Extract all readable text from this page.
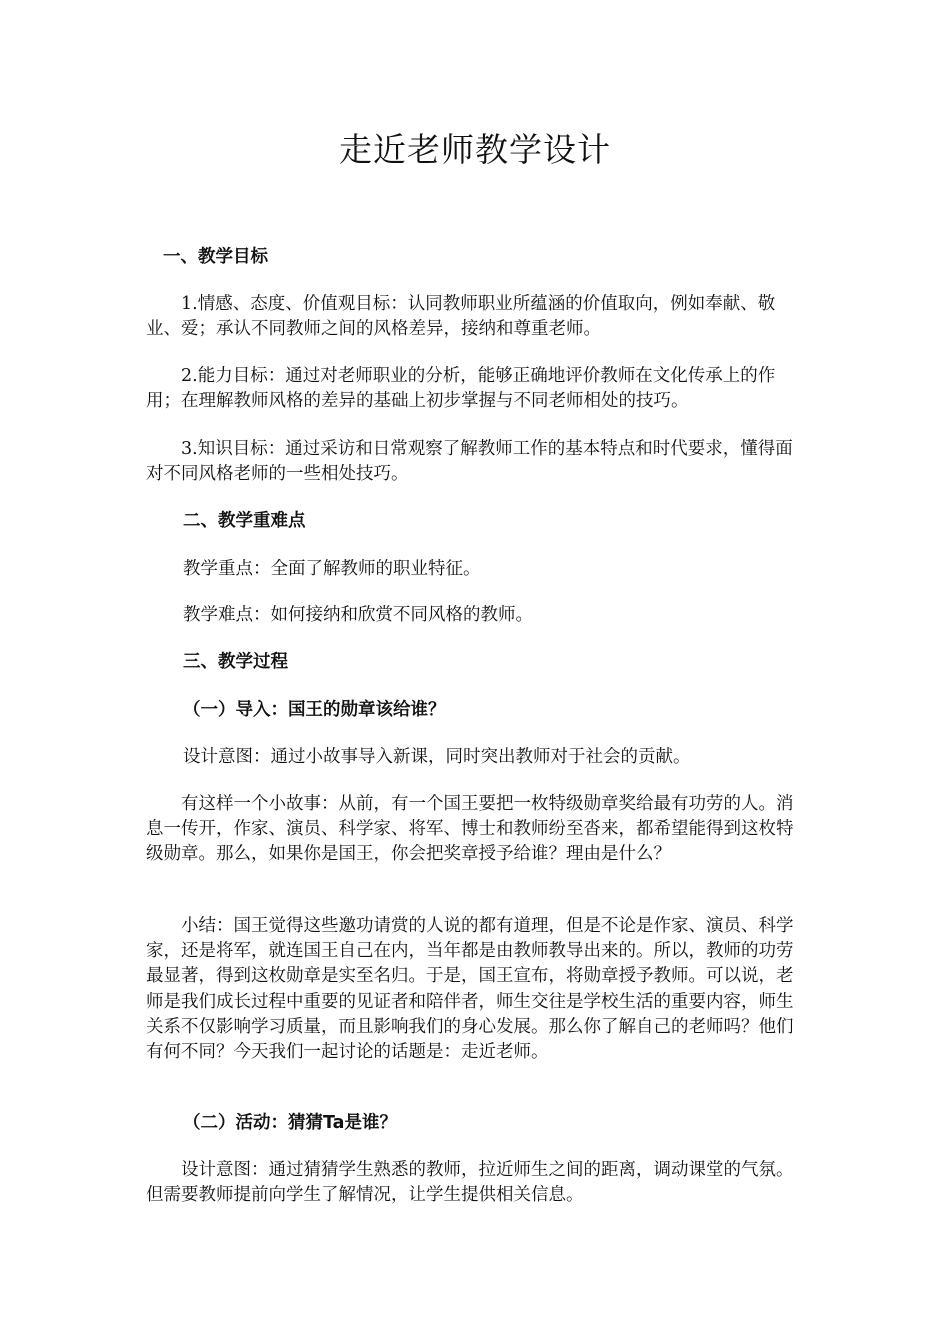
走近老师教学设计
一、教学目标
1.情感、态度、价值观目标：认同教师职业所蕴涵的价值取向，例如奉献、敬业、爱；承认不同教师之间的风格差异，接纳和尊重老师。
2.能力目标：通过对老师职业的分析，能够正确地评价教师在文化传承上的作用；在理解教师风格的差异的基础上初步掌握与不同老师相处的技巧。
3.知识目标：通过采访和日常观察了解教师工作的基本特点和时代要求，懂得面对不同风格老师的一些相处技巧。
二、教学重难点
教学重点：全面了解教师的职业特征。
教学难点：如何接纳和欣赏不同风格的教师。
三、教学过程
（一）导入：国王的勋章该给谁？
设计意图：通过小故事导入新课，同时突出教师对于社会的贡献。
有这样一个小故事：从前，有一个国王要把一枚特级勋章奖给最有功劳的人。消息一传开，作家、演员、科学家、将军、博士和教师纷至沓来，都希望能得到这枚特级勋章。那么，如果你是国王，你会把奖章授予给谁？理由是什么？
小结：国王觉得这些邀功请赏的人说的都有道理，但是不论是作家、演员、科学家，还是将军，就连国王自己在内，当年都是由教师教导出来的。所以，教师的功劳最显著，得到这枚勋章是实至名归。于是，国王宣布，将勋章授予教师。可以说，老师是我们成长过程中重要的见证者和陪伴者，师生交往是学校生活的重要内容，师生关系不仅影响学习质量，而且影响我们的身心发展。那么你了解自己的老师吗？他们有何不同？今天我们一起讨论的话题是：走近老师。
（二）活动：猜猜Ta是谁？
设计意图：通过猜猜学生熟悉的教师，拉近师生之间的距离，调动课堂的气氛。但需要教师提前向学生了解情况，让学生提供相关信息。
